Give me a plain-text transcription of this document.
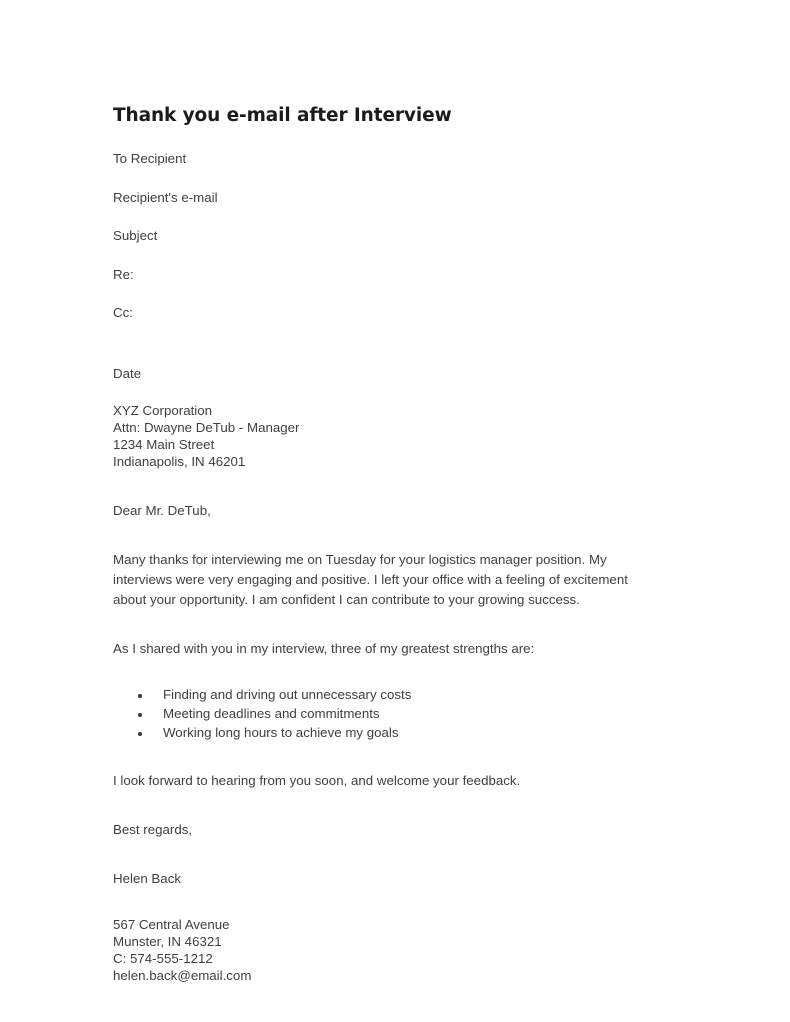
Thank you e-mail after Interview

To Recipient

Recipient's e-mail

Subject

Re:

Cc:

Date

XYZ Corporation
Attn: Dwayne DeTub - Manager
1234 Main Street
Indianapolis, IN 46201

Dear Mr. DeTub,

Many thanks for interviewing me on Tuesday for your logistics manager position. My interviews were very engaging and positive. I left your office with a feeling of excitement about your opportunity. I am confident I can contribute to your growing success.

As I shared with you in my interview, three of my greatest strengths are:

Finding and driving out unnecessary costs
Meeting deadlines and commitments
Working long hours to achieve my goals

I look forward to hearing from you soon, and welcome your feedback.

Best regards,

Helen Back

567 Central Avenue
Munster, IN 46321
C: 574-555-1212
helen.back@email.com
